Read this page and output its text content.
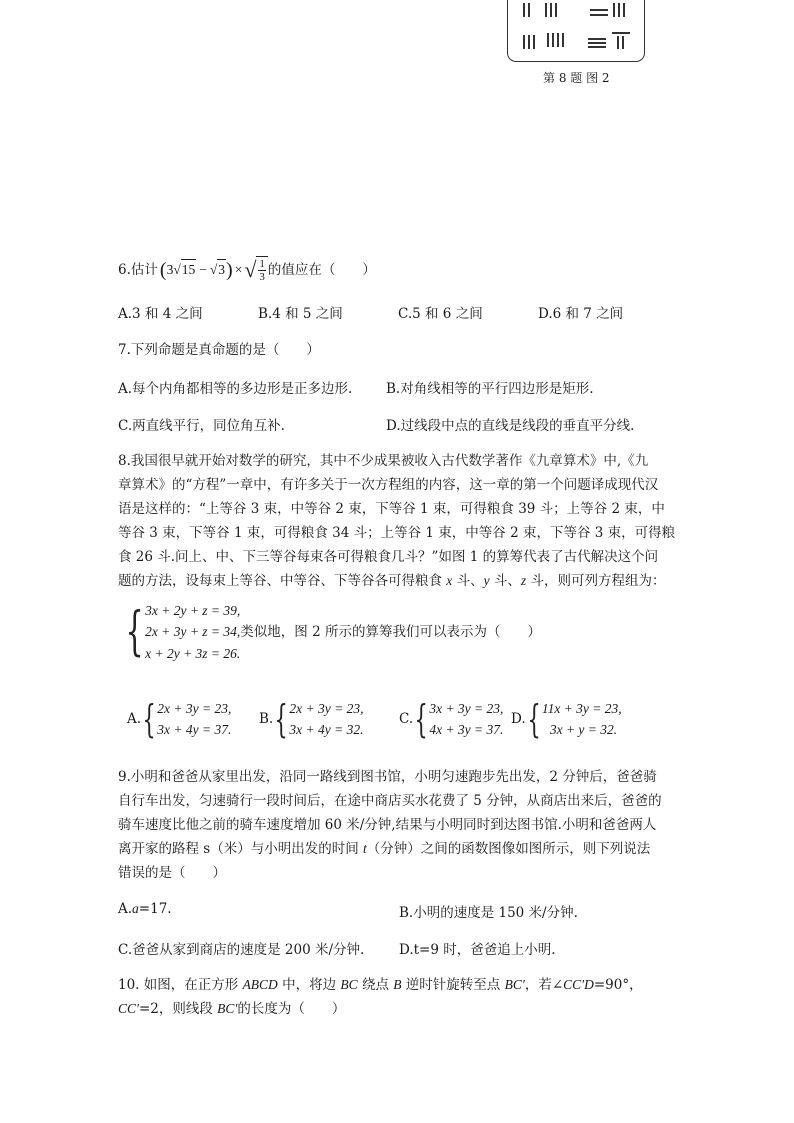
第 8 题 图 2
6.估计 ( 3 √ 15 − √ 3 ) × √ 1
3 的值应在（　　）
A.3 和 4 之间	B.4 和 5 之间	C.5 和 6 之间	D.6 和 7 之间
7.下列命题是真命题的是（　　）
A.每个内角都相等的多边形是正多边形. B.对角线相等的平行四边形是矩形.
C.两直线平行，同位角互补.	D.过线段中点的直线是线段的垂直平分线.
8.我国很早就开始对数学的研究，其中不少成果被收入古代数学著作《九章算术》中,《九
章算术》的“方程”一章中，有许多关于一次方程组的内容，这一章的第一个问题译成现代汉
语是这样的：“上等谷 3 束，中等谷 2 束，下等谷 1 束，可得粮食 39 斗；上等谷 2 束，中
等谷 3 束，下等谷 1 束，可得粮食 34 斗；上等谷 1 束，中等谷 2 束，下等谷 3 束，可得粮
食 26 斗.问上、中、下三等谷每束各可得粮食几斗？”如图 1 的算筹代表了古代解决这个问
题的方法，设每束上等谷、中等谷、下等谷各可得粮食 x 斗、y 斗、z 斗，则可列方程组为：
{ 3x + 2y + z = 39,
2x + 3y + z = 34,类似地，图 2 所示的算筹我们可以表示为（　　）
x + 2y + 3z = 26.
A. { 2x + 3y = 23,
3x + 4y = 37.
B. { 2x + 3y = 23,
3x + 4y = 32.
C. { 3x + 3y = 23,
4x + 3y = 37.
D. { 11x + 3y = 23,
3x + y = 32.
9.小明和爸爸从家里出发，沿同一路线到图书馆，小明匀速跑步先出发，2 分钟后，爸爸骑
自行车出发，匀速骑行一段时间后，在途中商店买水花费了 5 分钟，从商店出来后，爸爸的
骑车速度比他之前的骑车速度增加 60 米/分钟,结果与小明同时到达图书馆.小明和爸爸两人
离开家的路程 s（米）与小明出发的时间 t（分钟）之间的函数图像如图所示，则下列说法
错误的是（　　）
A.a=17.	B.小明的速度是 150 米/分钟.
C.爸爸从家到商店的速度是 200 米/分钟.	D.t=9 时，爸爸追上小明.
10. 如图，在正方形 ABCD 中，将边 BC 绕点 B 逆时针旋转至点 BC′，若∠CC′D=90°，
CC′=2，则线段 BC′的长度为（　　）
